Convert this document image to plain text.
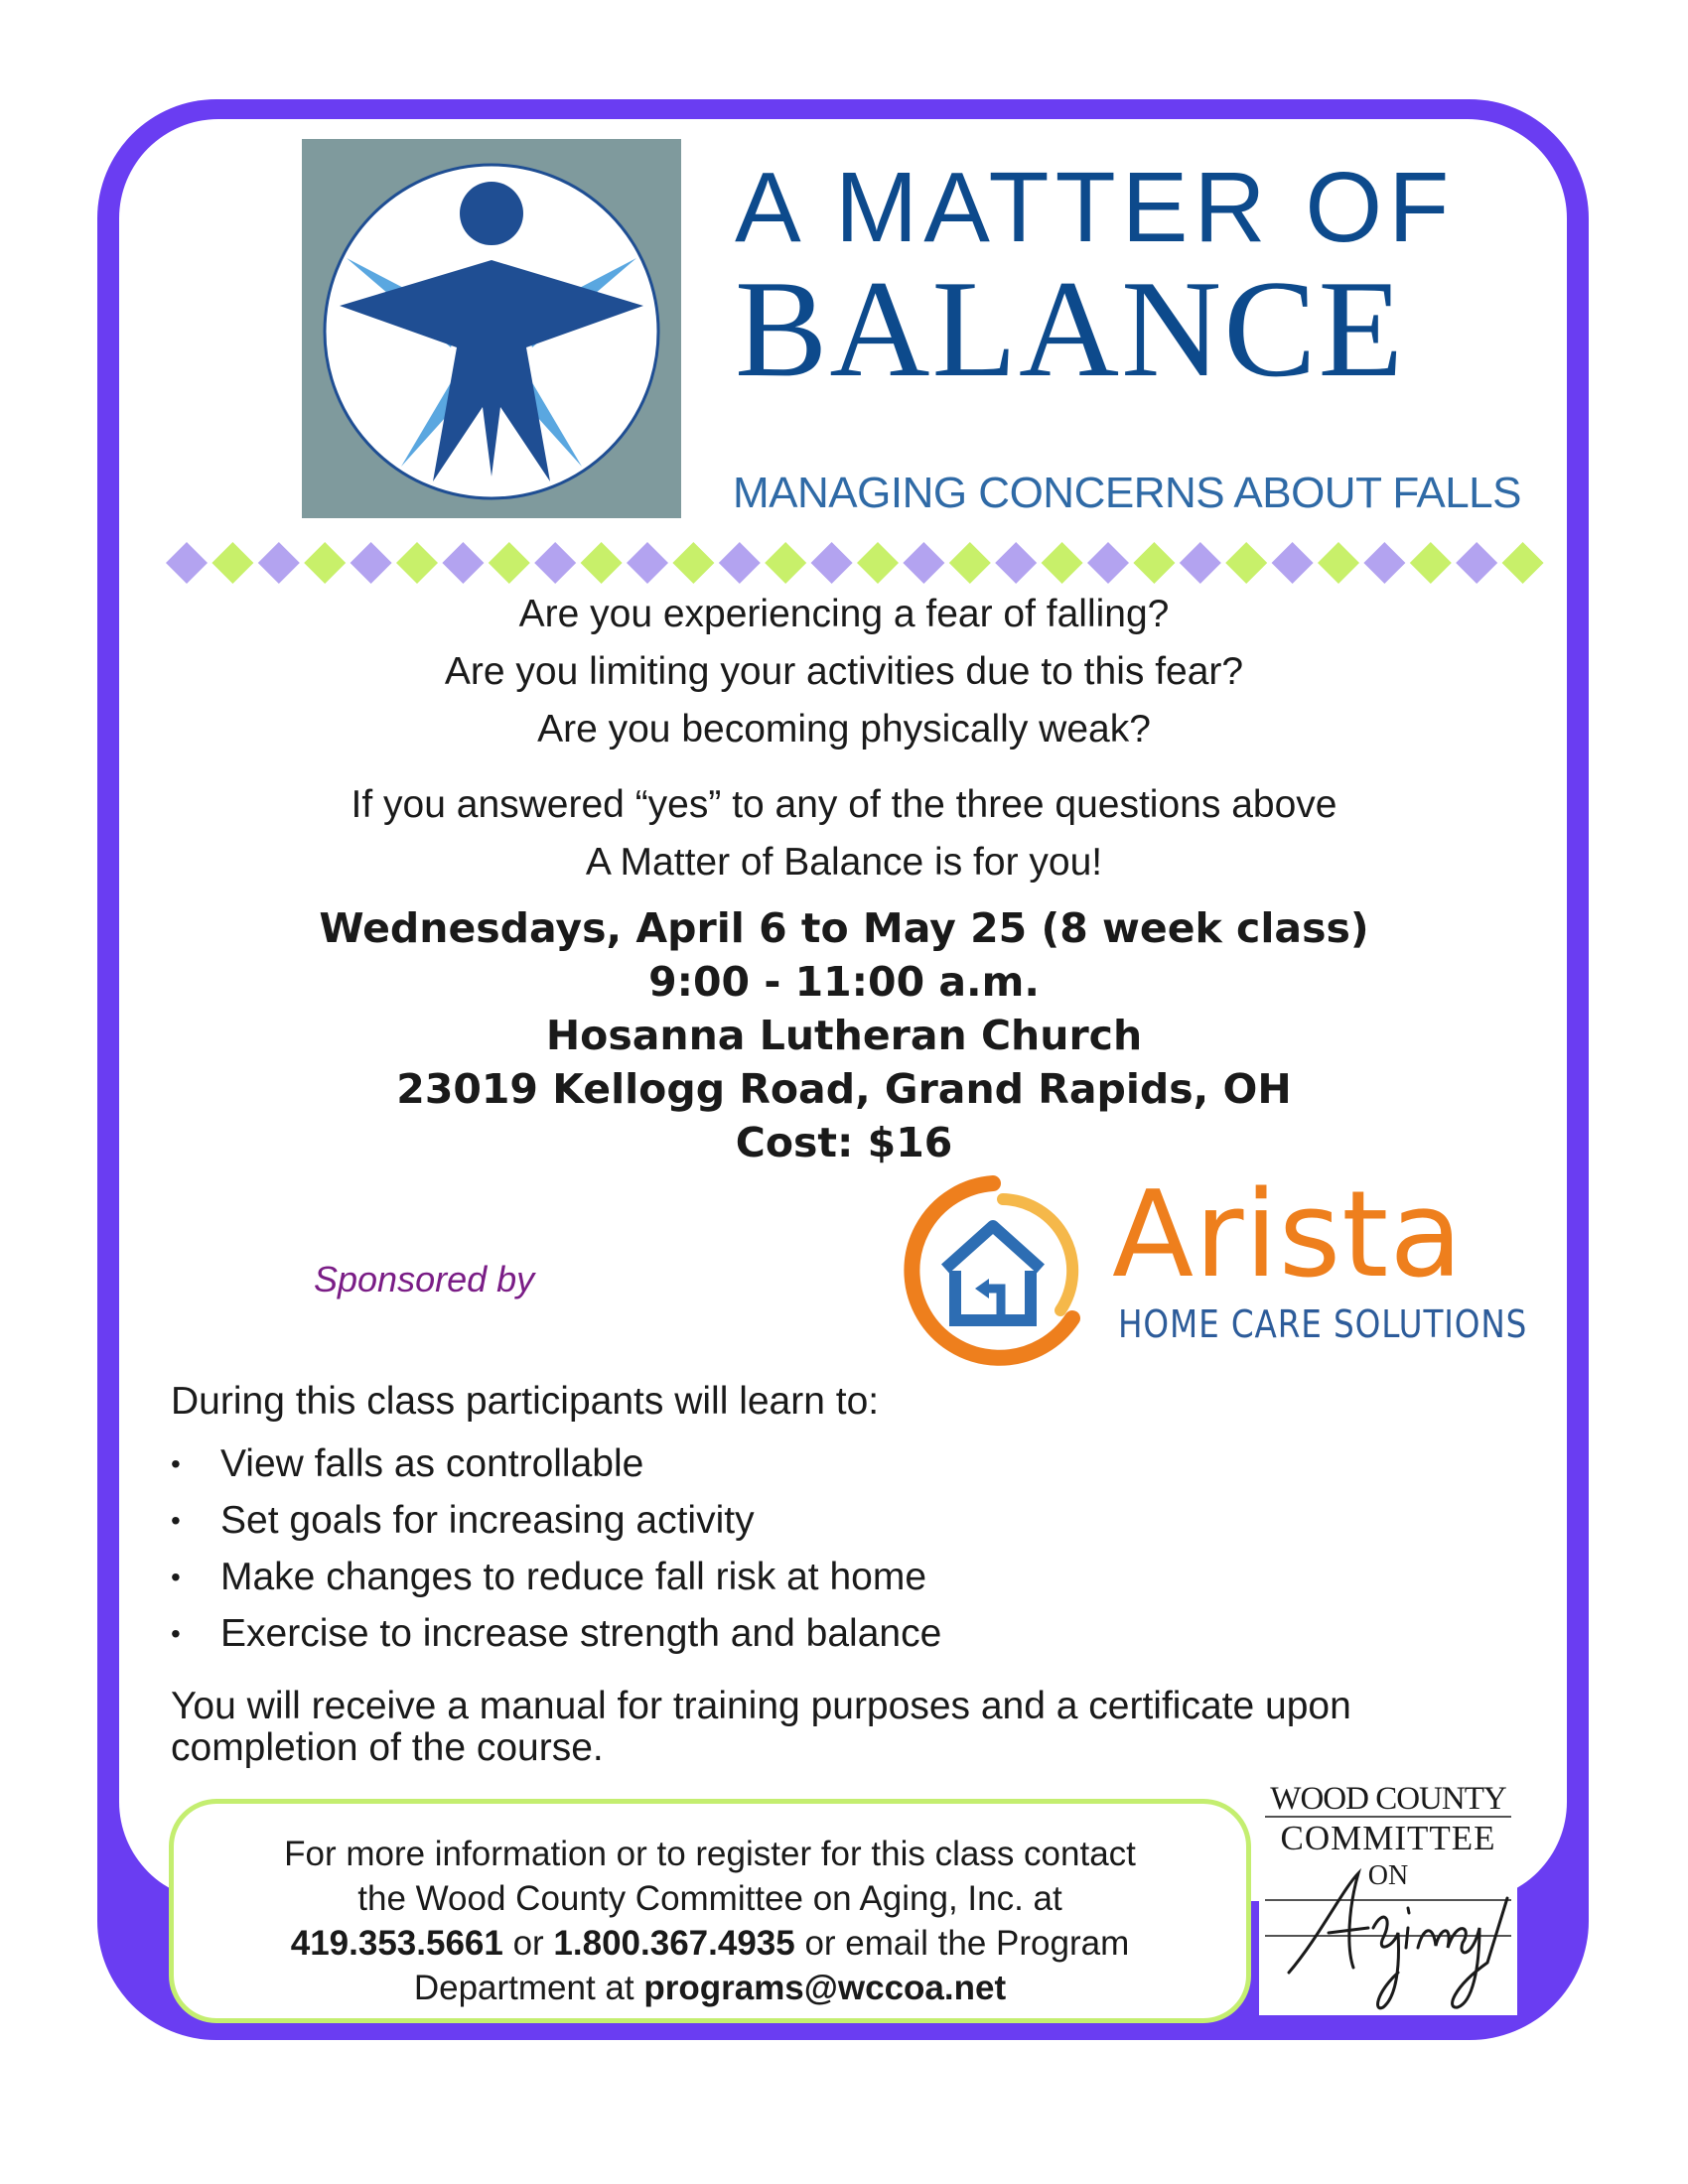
A MATTER OF
BALANCE
MANAGING CONCERNS ABOUT FALLS
Are you experiencing a fear of falling?
Are you limiting your activities due to this fear?
Are you becoming physically weak?
If you answered “yes” to any of the three questions above
A Matter of Balance is for you!
Wednesdays, April 6 to May 25 (8 week class)
9:00 - 11:00 a.m.
Hosanna Lutheran Church
23019 Kellogg Road, Grand Rapids, OH
Cost: $16
Sponsored by	Arista
HOME CARE SOLUTIONS
During this class participants will learn to:
• View falls as controllable
• Set goals for increasing activity
• Make changes to reduce fall risk at home
• Exercise to increase strength and balance
You will receive a manual for training purposes and a certificate upon completion of the course.
For more information or to register for this class contact
the Wood County Committee on Aging, Inc. at
419.353.5661 or 1.800.367.4935 or email the Program
Department at programs@wccoa.net
WOOD COUNTY
COMMITTEE
ON
